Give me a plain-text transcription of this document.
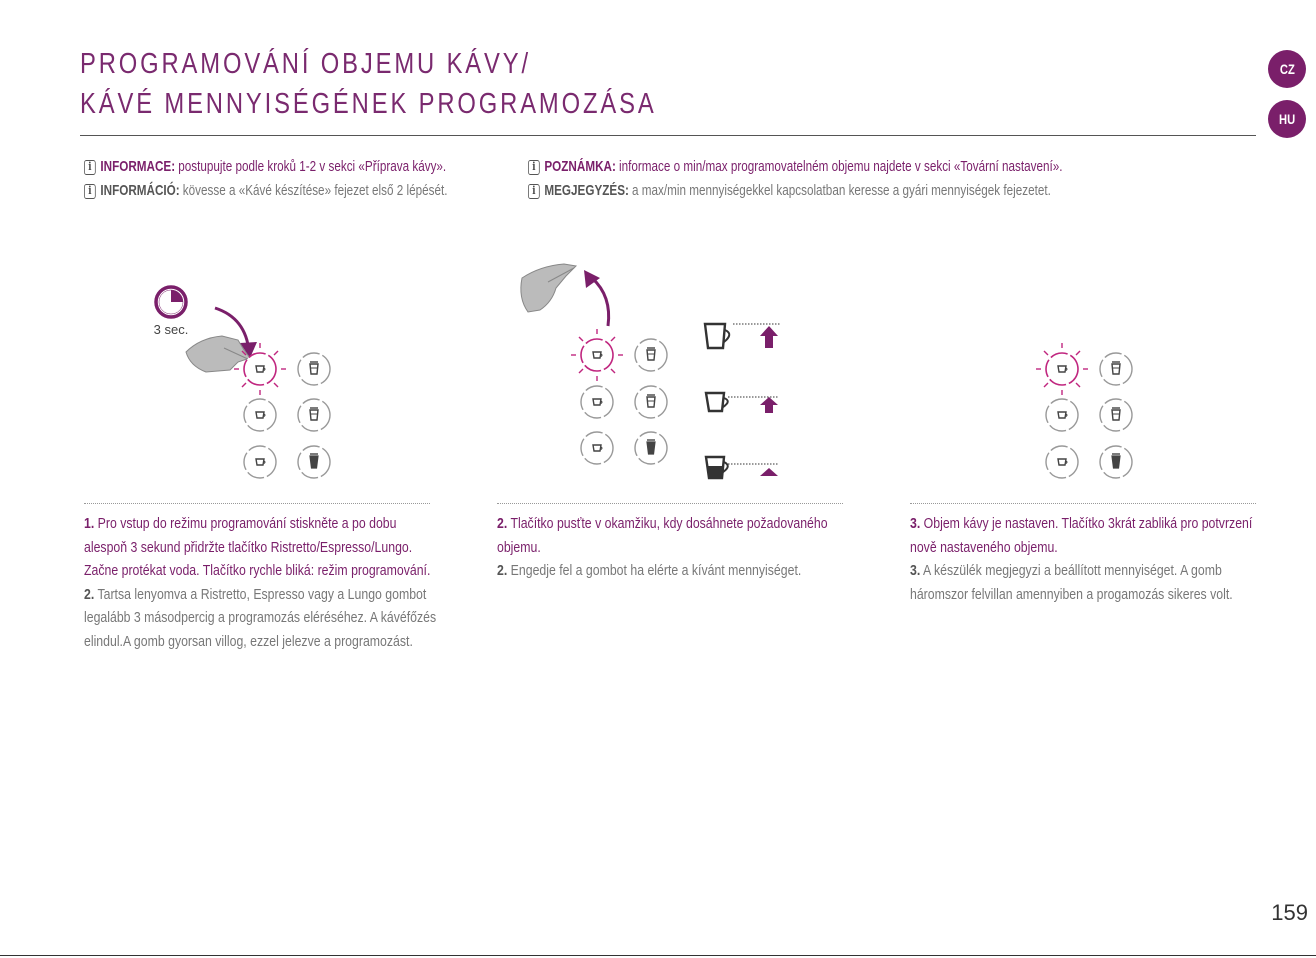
PROGRAMOVÁNÍ OBJEMU KÁVY/
KÁVÉ MENNYISÉGÉNEK PROGRAMOZÁSA
CZ
HU
i INFORMACE: postupujte podle kroků 1-2 v sekci «Příprava kávy».
i INFORMÁCIÓ: kövesse a «Kávé készítése» fejezet első 2 lépését.
i POZNÁMKA: informace o min/max programovatelném objemu najdete v sekci «Tovární nastavení».
i MEGJEGYZÉS: a max/min mennyiségekkel kapcsolatban keresse a gyári mennyiségek fejezetet.
3 sec.

1. Pro vstup do režimu programování stiskněte a po dobu alespoň 3 sekund přidržte tlačítko Ristretto/Espresso/Lungo. Začne protékat voda. Tlačítko rychle bliká: režim programování.

2. Tartsa lenyomva a Ristretto, Espresso vagy a Lungo gombot legalább 3 másodpercig a programozás eléréséhez. A kávéfőzés elindul.A gomb gyorsan villog, ezzel jelezve a programozást.

2. Tlačítko pusťte v okamžiku, kdy dosáhnete požadovaného objemu.

2. Engedje fel a gombot ha elérte a kívánt mennyiséget.

3. Objem kávy je nastaven. Tlačítko 3krát zabliká pro potvrzení nově nastaveného objemu.

3. A készülék megjegyzi a beállított mennyiséget. A gomb háromszor felvillan amennyiben a progamozás sikeres volt.

159
